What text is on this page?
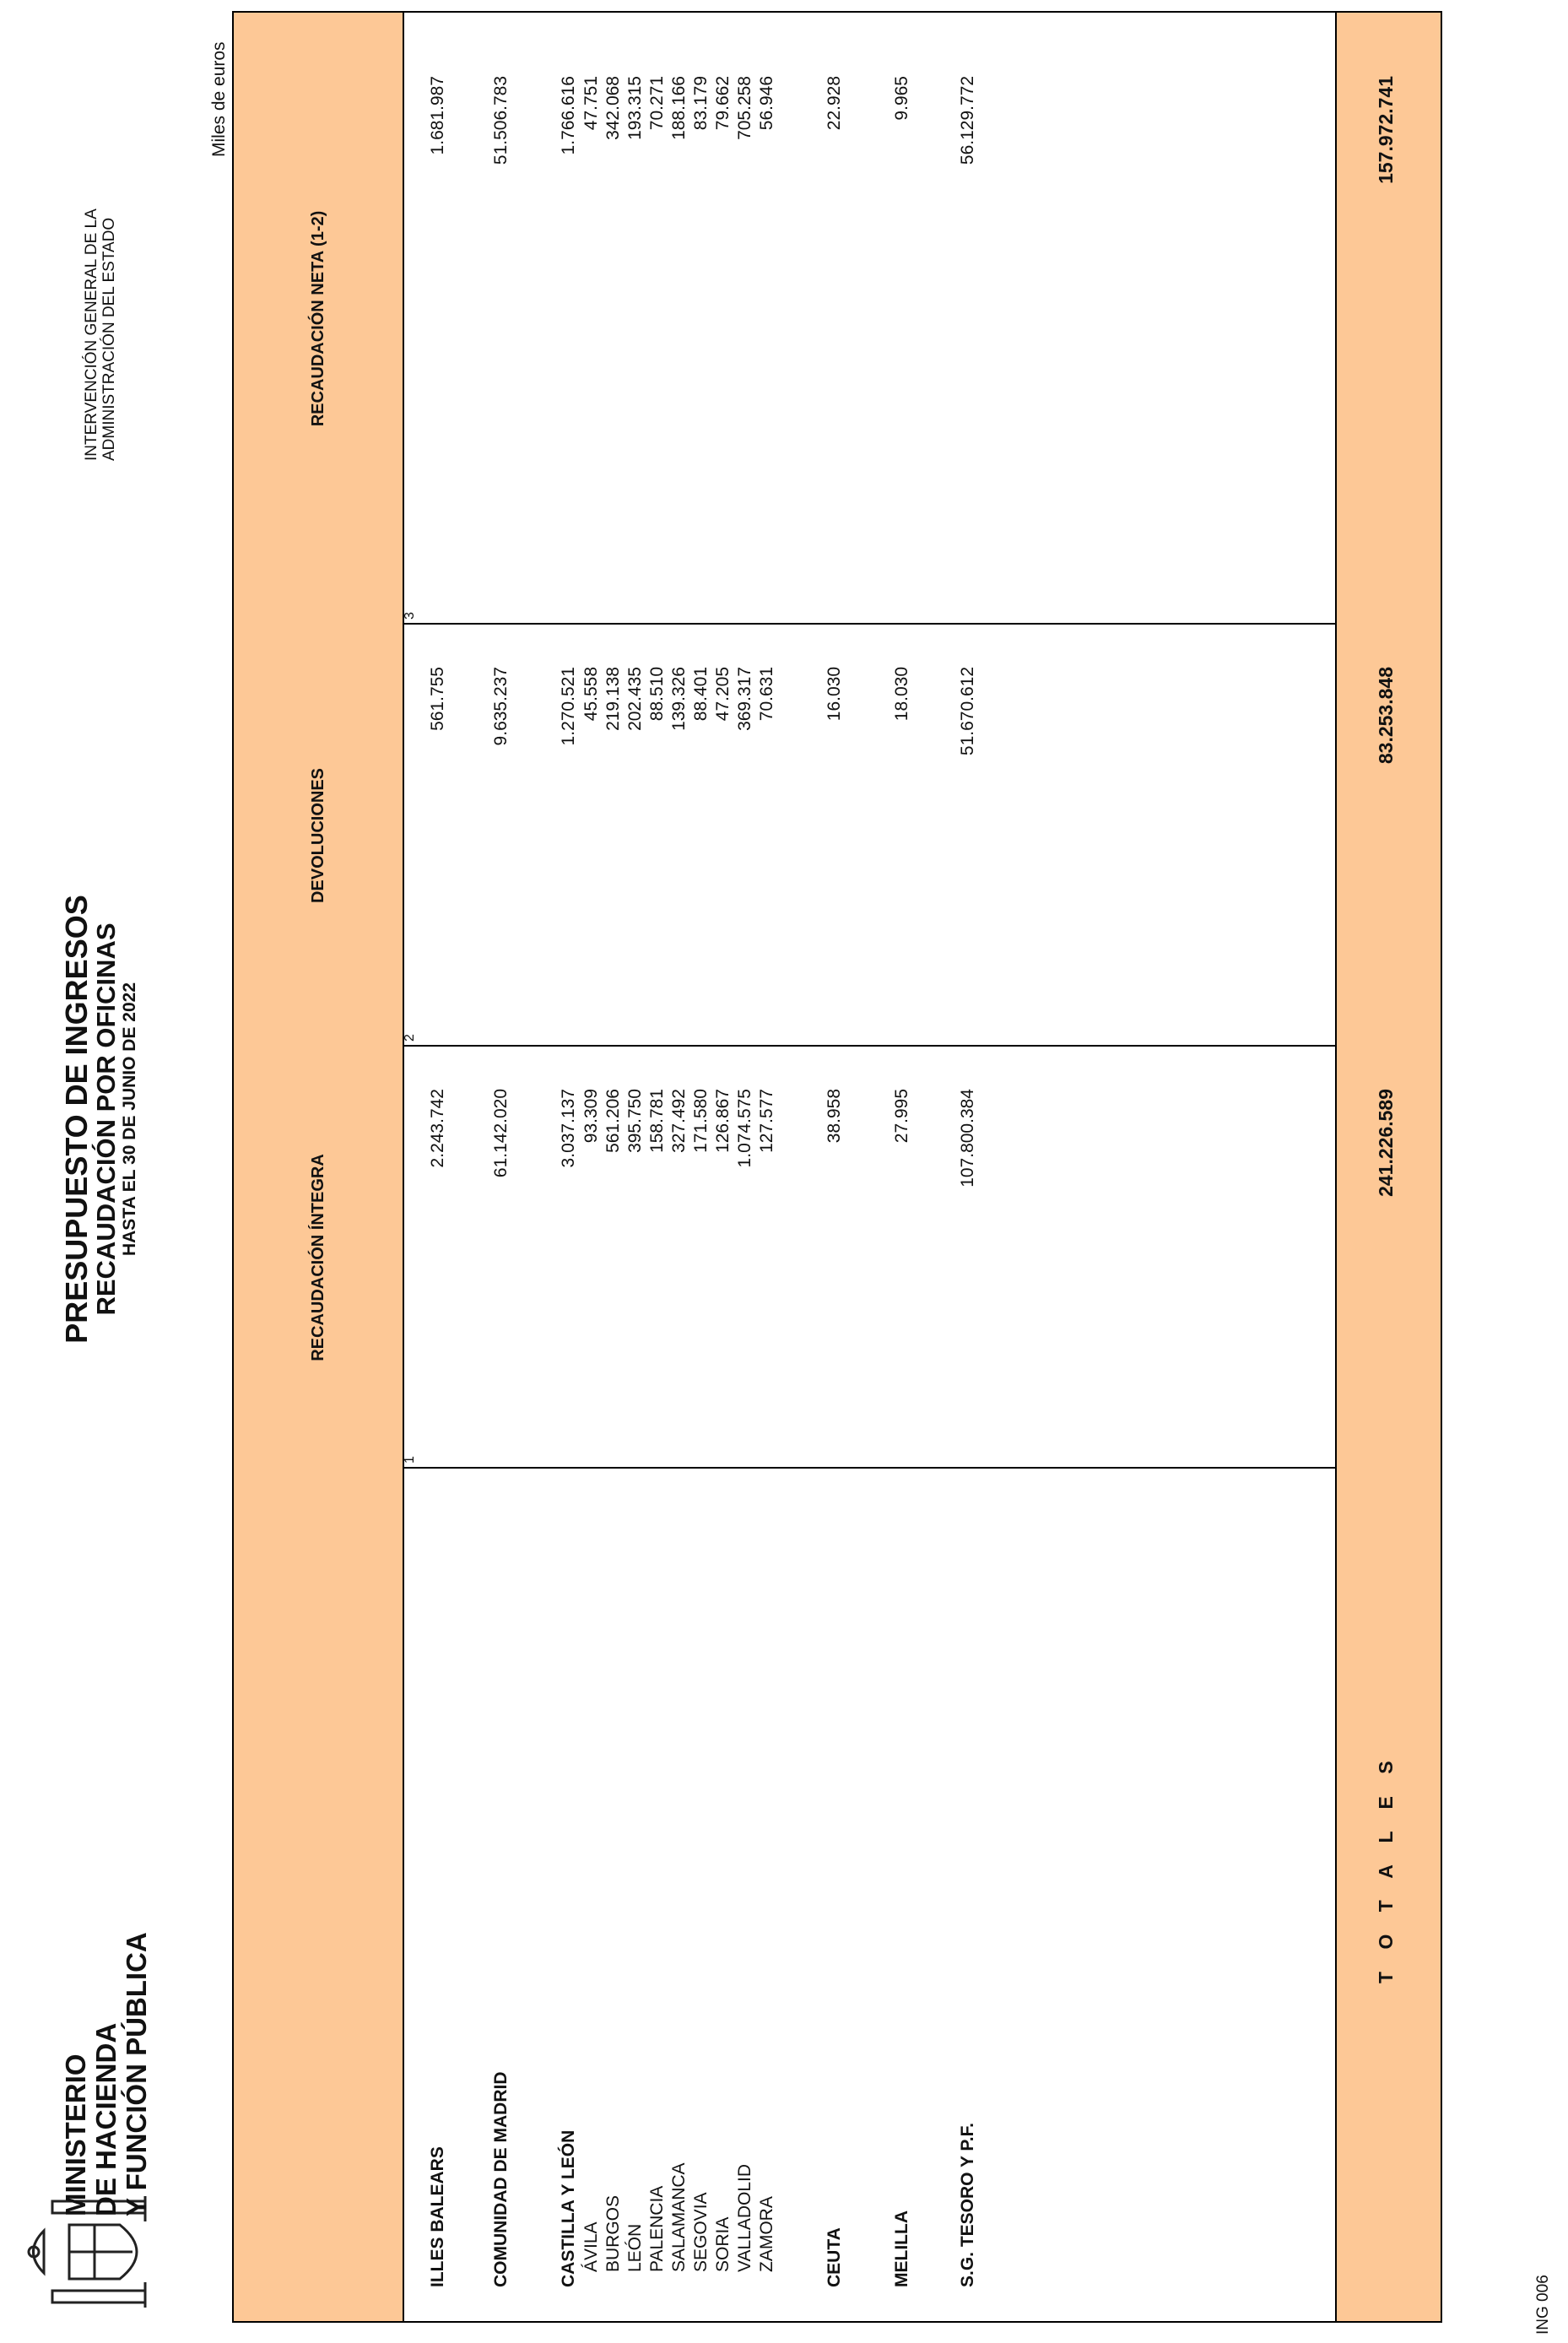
MINISTERIO DE HACIENDA Y FUNCIÓN PÚBLICA
PRESUPUESTO DE INGRESOS
RECAUDACIÓN POR OFICINAS HASTA EL 30 DE JUNIO DE 2022
INTERVENCIÓN GENERAL DE LA ADMINISTRACIÓN DEL ESTADO
Miles de euros
RECAUDACIÓN ÍNTEGRA
DEVOLUCIONES
RECAUDACIÓN NETA (1-2)
1
2
3
ILLES BALEARS
2.243.742
561.755
1.681.987
COMUNIDAD DE MADRID
61.142.020
9.635.237
51.506.783
CASTILLA Y LEÓN
3.037.137
1.270.521
1.766.616
ÁVILA
93.309
45.558
47.751
BURGOS
561.206
219.138
342.068
LEÓN
395.750
202.435
193.315
PALENCIA
158.781
88.510
70.271
SALAMANCA
327.492
139.326
188.166
SEGOVIA
171.580
88.401
83.179
SORIA
126.867
47.205
79.662
VALLADOLID
1.074.575
369.317
705.258
ZAMORA
127.577
70.631
56.946
CEUTA
38.958
16.030
22.928
MELILLA
27.995
18.030
9.965
S.G. TESORO Y P.F.
107.800.384
51.670.612
56.129.772
T O T A L E S
241.226.589
83.253.848
157.972.741
ING 006
